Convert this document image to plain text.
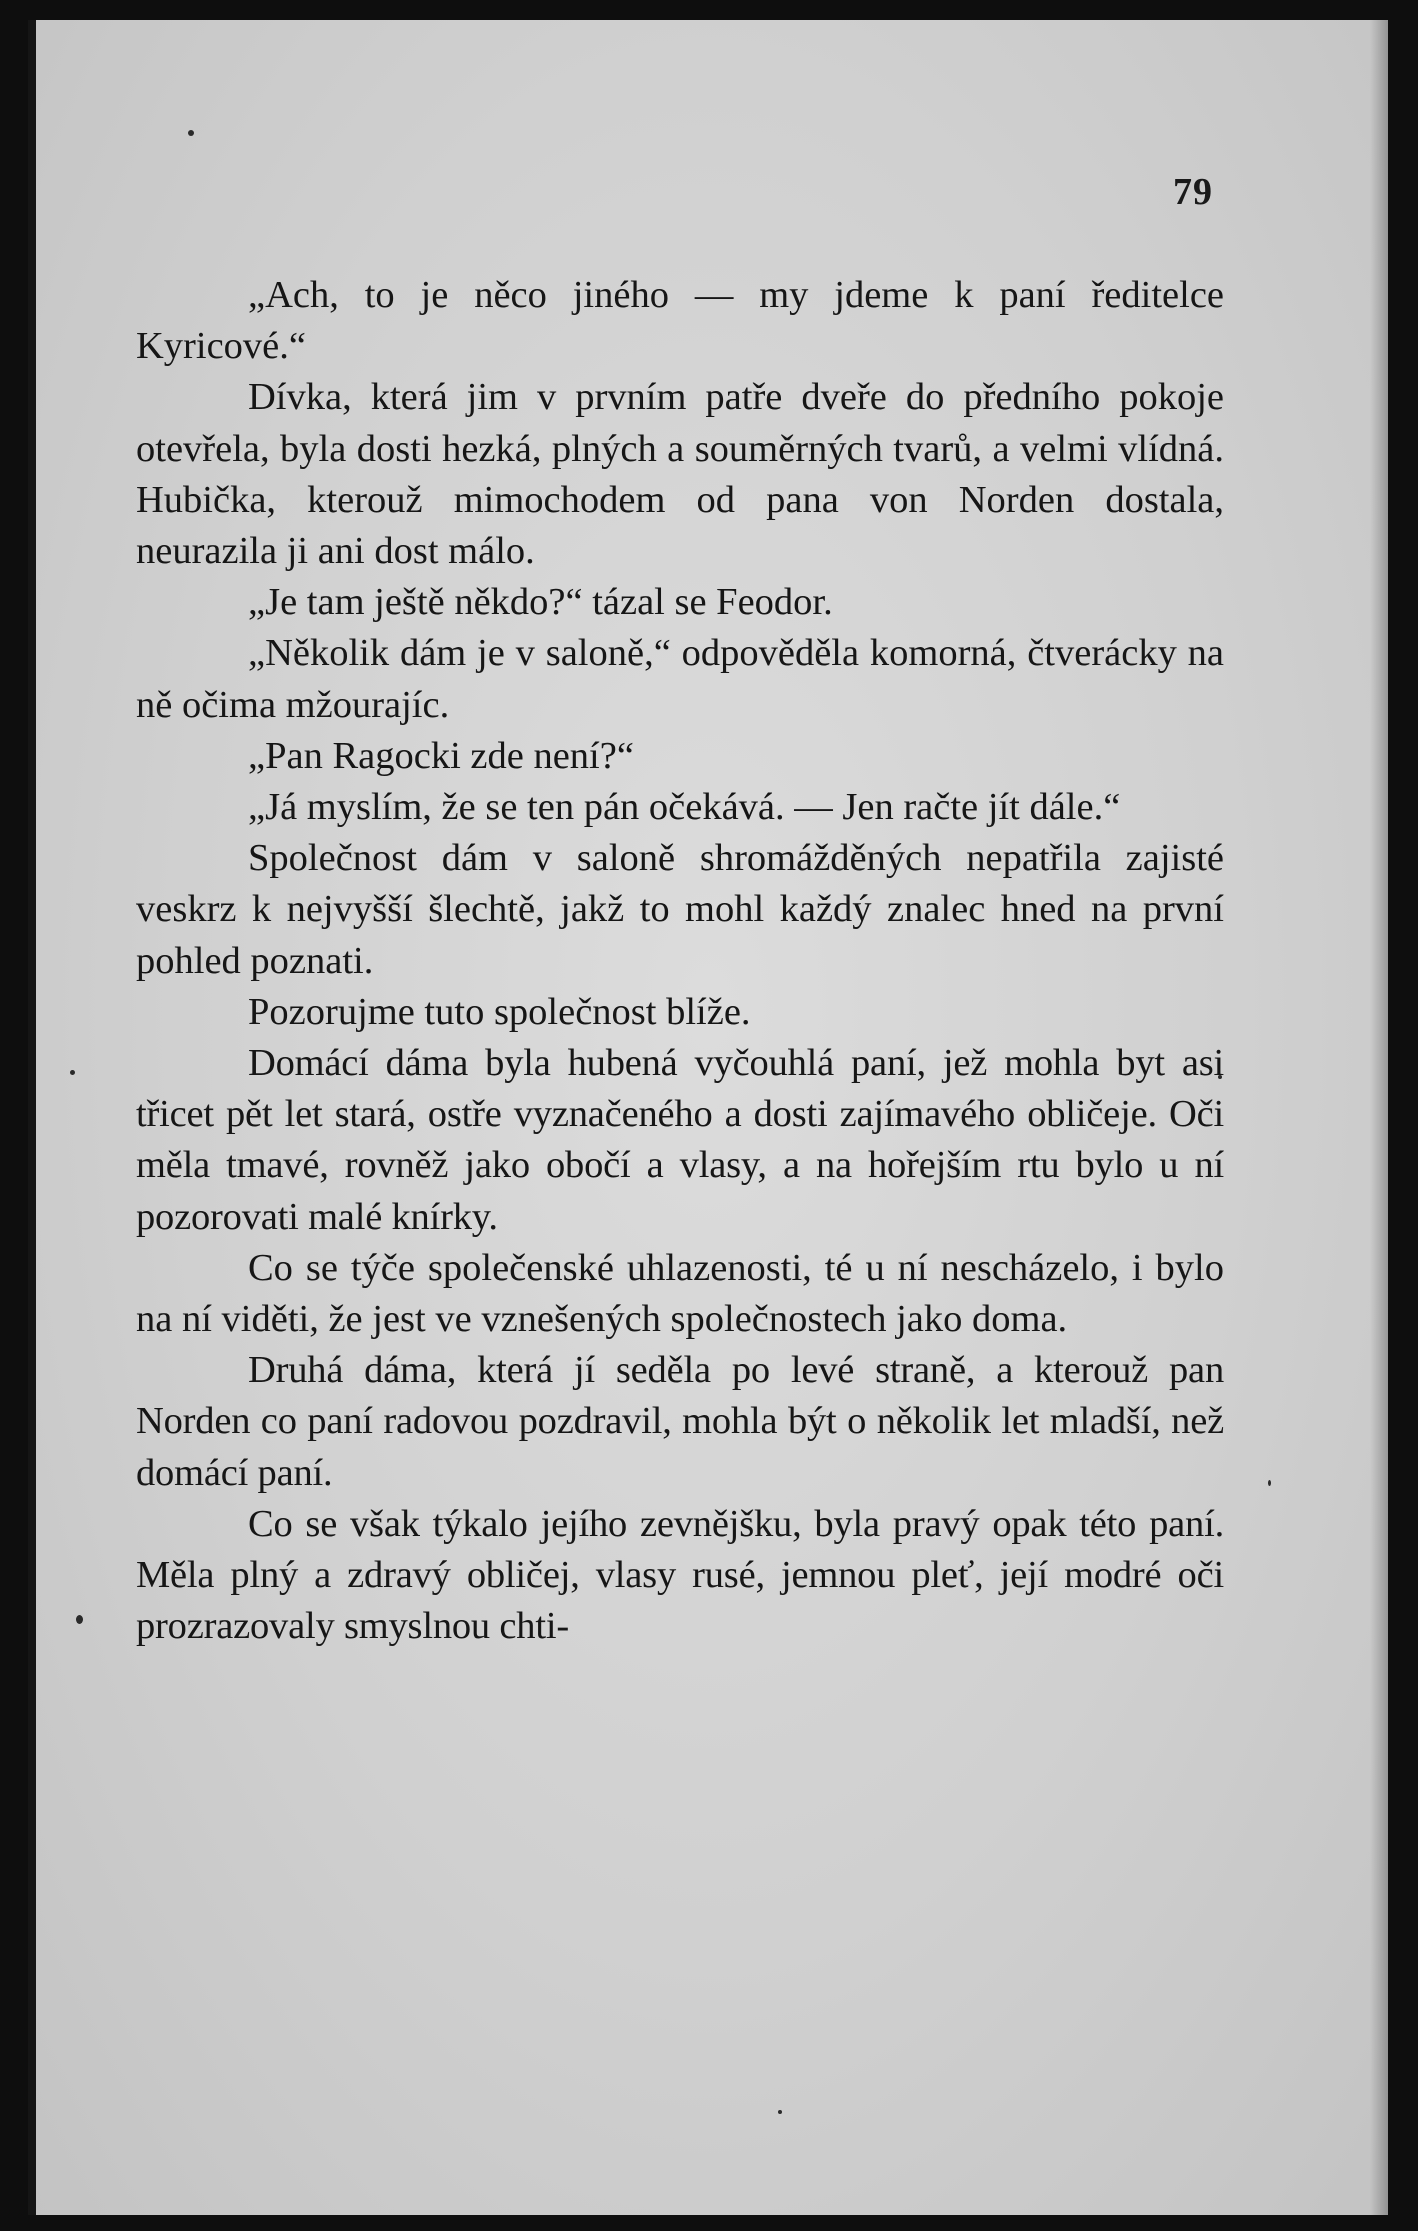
79

„Ach, to je něco jiného — my jdeme k paní ředitelce Kyricové.“

Dívka, která jim v prvním patře dveře do předního pokoje otevřela, byla dosti hezká, plných a souměrných tvarů, a velmi vlídná. Hubička, kterouž mimochodem od pana von Norden dostala, neurazila ji ani dost málo.

„Je tam ještě někdo?“ tázal se Feodor.

„Několik dám je v saloně,“ odpověděla komorná, čtverácky na ně očima mžourajíc.

„Pan Ragocki zde není?“

„Já myslím, že se ten pán očekává. — Jen račte jít dále.“

Společnost dám v saloně shromážděných nepatřila zajisté veskrz k nejvyšší šlechtě, jakž to mohl každý znalec hned na první pohled poznati.

Pozorujme tuto společnost blíže.

Domácí dáma byla hubená vyčouhlá paní, jež mohla byt asi třicet pět let stará, ostře vyznačeného a dosti zajímavého obličeje. Oči měla tmavé, rovněž jako obočí a vlasy, a na hořejším rtu bylo u ní pozorovati malé knírky.

Co se týče společenské uhlazenosti, té u ní nescházelo, i bylo na ní viděti, že jest ve vznešených společnostech jako doma.

Druhá dáma, která jí seděla po levé straně, a kterouž pan Norden co paní radovou pozdravil, mohla být o několik let mladší, než domácí paní.

Co se však týkalo jejího zevnějšku, byla pravý opak této paní. Měla plný a zdravý obličej, vlasy rusé, jemnou pleť, její modré oči prozrazovaly smyslnou chti-
